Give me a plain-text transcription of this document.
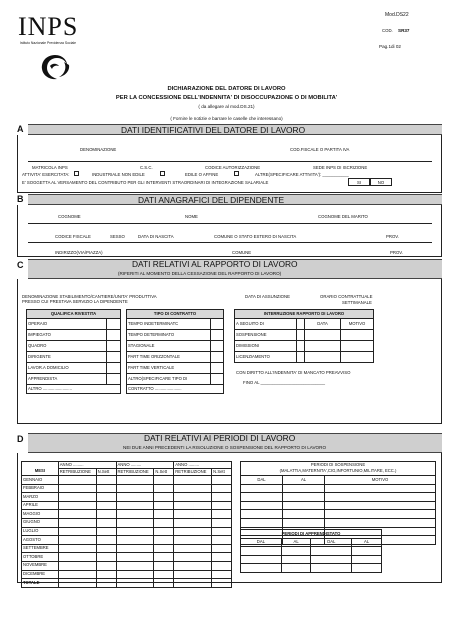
INPS
Istituto Nazionale Previdenza Sociale
Mod.DS22
COD. SR37
Pag.1di 02
DICHIARAZIONE DEL DATORE DI LAVORO
PER LA CONCESSIONE DELL'INDENNITA' DI DISOCCUPAZIONE O DI MOBILITA'
( da allegare al mod.DS.21)
( Fornire le notizie e barrare le caselle che interessano)
A	DATI IDENTIFICATIVI DEL DATORE DI LAVORO
DENOMINAZIONE	COD.FISCALE O PARTITA IVA
MATRICOLA INPS	C.S.C.	CODICE AUTORIZZAZIONE	SEDE INPS DI ISCRIZIONE
ATTIVITA' ESERCITATA:	INDUSTRIALE NON EDILE	EDILE O AFFINE	ALTRE(SPECIFICARE ATTIVITA'): ___________
E' SOGGETTA AL VERSAMENTO DEL CONTRIBUTO PER GLI INTERVENTI STRAORDINARI DI INTEGRAZIONE SALARIALE	SI	NO
B	DATI ANAGRAFICI DEL DIPENDENTE
COGNOME	NOME	COGNOME DEL MARITO
CODICE FISCALE	SESSO	DATA DI NASCITA	COMUNE O STATO ESTERO DI NASCITA	PROV.
INDIRIZZO(VIA/PIAZZA)	COMUNE	PROV.
C	DATI RELATIVI AL RAPPORTO DI LAVORO
(RIFERITI AL MOMENTO DELLA CESSAZIONE DEL RAPPORTO DI LAVORO)
DENOMINAZIONE STABILIMENTO/CANTIERE/UNITA' PRODUTTIVA
PRESSO CUI PRESTAVA SERVIZIO LA DIPENDENTE
DATA DI ASSUNZIONE	ORARIO CONTRATTUALE
SETTIMANALE
QUALIFICA RIVESTITA	
OPERAIO	
IMPIEGATO	
QUADRO	
DIRIGENTE	
LAVOR.A DOMICILIO	
APPRENDISTA	
ALTRO .........................	
TIPO DI CONTRATTO	
TEMPO INDETERMINATC	
TEMPO DETERMINATO	
STAGIONALE	
PART TIME ORIZZONTALE	
PART TIME VERTICALE	
ALTRO(SPECIFICARE TIPO DI	
CONTRATTO .......................	
INTERRUZIONE RAPPORTO DI LAVORO			
A SEGUITO DI		DATA	MOTIVO
SOSPENSIONE			
DIMISSIONI			
LICENZIAMENTO			
CON DIRITTO ALL'INDENNITA' DI MANCATO PREAVVISO
FINO AL ___________________________
D	DATI RELATIVI AI PERIODI DI LAVORO
NEI DUE ANNI PRECEDENTI LA RISOLUZIONE O SOSPENSIONE DEL RAPPORTO DI LAVORO
	ANNO .........		ANNO .........		ANNO .........	
MESI	RETRIBUZIONE	N.Sett	RETRIBUZIONE	N.Sett	RETRIBUZIONE	N.Sett
GENNAIO						
FEBBRAIO						
MARZO						
APRILE						
MAGGIO						
GIUGNO						
LUGLIO						
AGOSTO						
SETTEMBRE						
OTTOBRE						
NOVEMBRE						
DICEMBRE						
TOTALE						
PERIODI DI SOSPENSIONE		
(MALATTIA,MATERNITA',CIG,INFORTUNIO,MILITARE, ECC.)		
DAL	AL	MOTIVO

PERIODI DI APPRENDISTATO			
DAL	AL	DAL	AL
